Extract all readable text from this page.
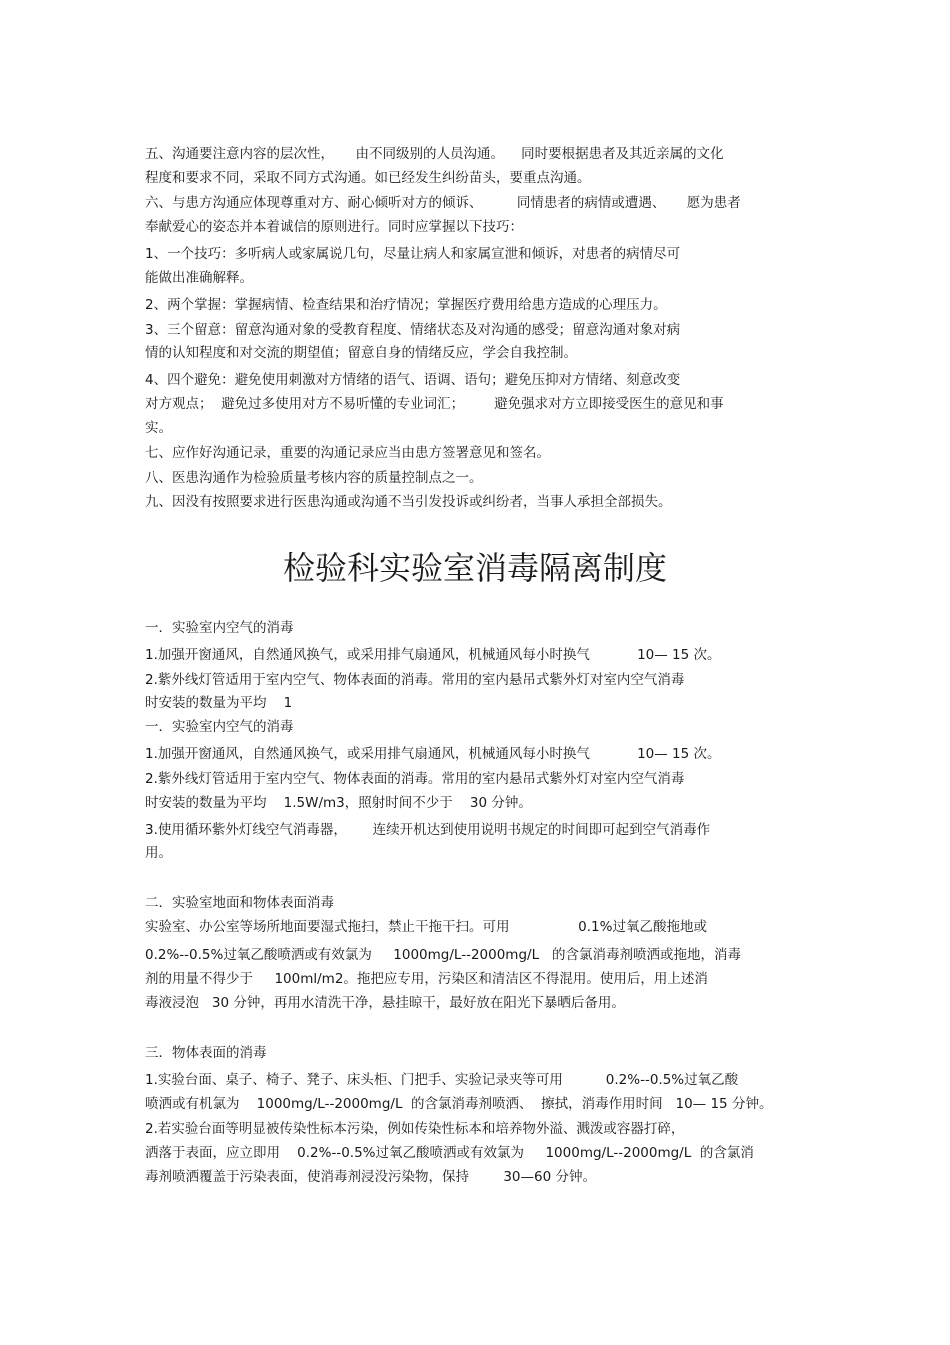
五、沟通要注意内容的层次性，     由不同级别的人员沟通。    同时要根据患者及其近亲属的文化

程度和要求不同，采取不同方式沟通。如已经发生纠纷苗头，要重点沟通。

六、与患方沟通应体现尊重对方、耐心倾听对方的倾诉、        同情患者的病情或遭遇、     愿为患者

奉献爱心的姿态并本着诚信的原则进行。同时应掌握以下技巧：

1、一个技巧：多听病人或家属说几句，尽量让病人和家属宣泄和倾诉，对患者的病情尽可

能做出准确解释。

2、两个掌握：掌握病情、检查结果和治疗情况；掌握医疗费用给患方造成的心理压力。

3、三个留意：留意沟通对象的受教育程度、情绪状态及对沟通的感受；留意沟通对象对病

情的认知程度和对交流的期望值；留意自身的情绪反应，学会自我控制。

4、四个避免：避免使用刺激对方情绪的语气、语调、语句；避免压抑对方情绪、刻意改变

对方观点；  避免过多使用对方不易听懂的专业词汇；       避免强求对方立即接受医生的意见和事

实。

七、应作好沟通记录，重要的沟通记录应当由患方签署意见和签名。

八、医患沟通作为检验质量考核内容的质量控制点之一。

九、因没有按照要求进行医患沟通或沟通不当引发投诉或纠纷者，当事人承担全部损失。

检验科实验室消毒隔离制度

一．实验室内空气的消毒

1.加强开窗通风，自然通风换气，或采用排气扇通风，机械通风每小时换气           10— 15 次。

2.紫外线灯管适用于室内空气、物体表面的消毒。常用的室内悬吊式紫外灯对室内空气消毒

时安装的数量为平均    1

一．实验室内空气的消毒

1.加强开窗通风，自然通风换气，或采用排气扇通风，机械通风每小时换气           10— 15 次。

2.紫外线灯管适用于室内空气、物体表面的消毒。常用的室内悬吊式紫外灯对室内空气消毒

时安装的数量为平均    1.5W/m3，照射时间不少于    30 分钟。

3.使用循环紫外灯线空气消毒器，      连续开机达到使用说明书规定的时间即可起到空气消毒作

用。

二．实验室地面和物体表面消毒

实验室、办公室等场所地面要湿式拖扫，禁止干拖干扫。可用                0.1%过氧乙酸拖地或

0.2%--0.5%过氧乙酸喷洒或有效氯为     1000mg/L--2000mg/L   的含氯消毒剂喷洒或拖地，消毒

剂的用量不得少于     100ml/m2。拖把应专用，污染区和清洁区不得混用。使用后，用上述消

毒液浸泡   30 分钟，再用水清洗干净，悬挂晾干，最好放在阳光下暴晒后备用。

三．物体表面的消毒

1.实验台面、桌子、椅子、凳子、床头柜、门把手、实验记录夹等可用          0.2%--0.5%过氧乙酸

喷洒或有机氯为    1000mg/L--2000mg/L  的含氯消毒剂喷洒、  擦拭，消毒作用时间   10— 15 分钟。

2.若实验台面等明显被传染性标本污染，例如传染性标本和培养物外溢、溅泼或容器打碎，

洒落于表面，应立即用    0.2%--0.5%过氧乙酸喷洒或有效氯为     1000mg/L--2000mg/L  的含氯消

毒剂喷洒覆盖于污染表面，使消毒剂浸没污染物，保持        30—60 分钟。
